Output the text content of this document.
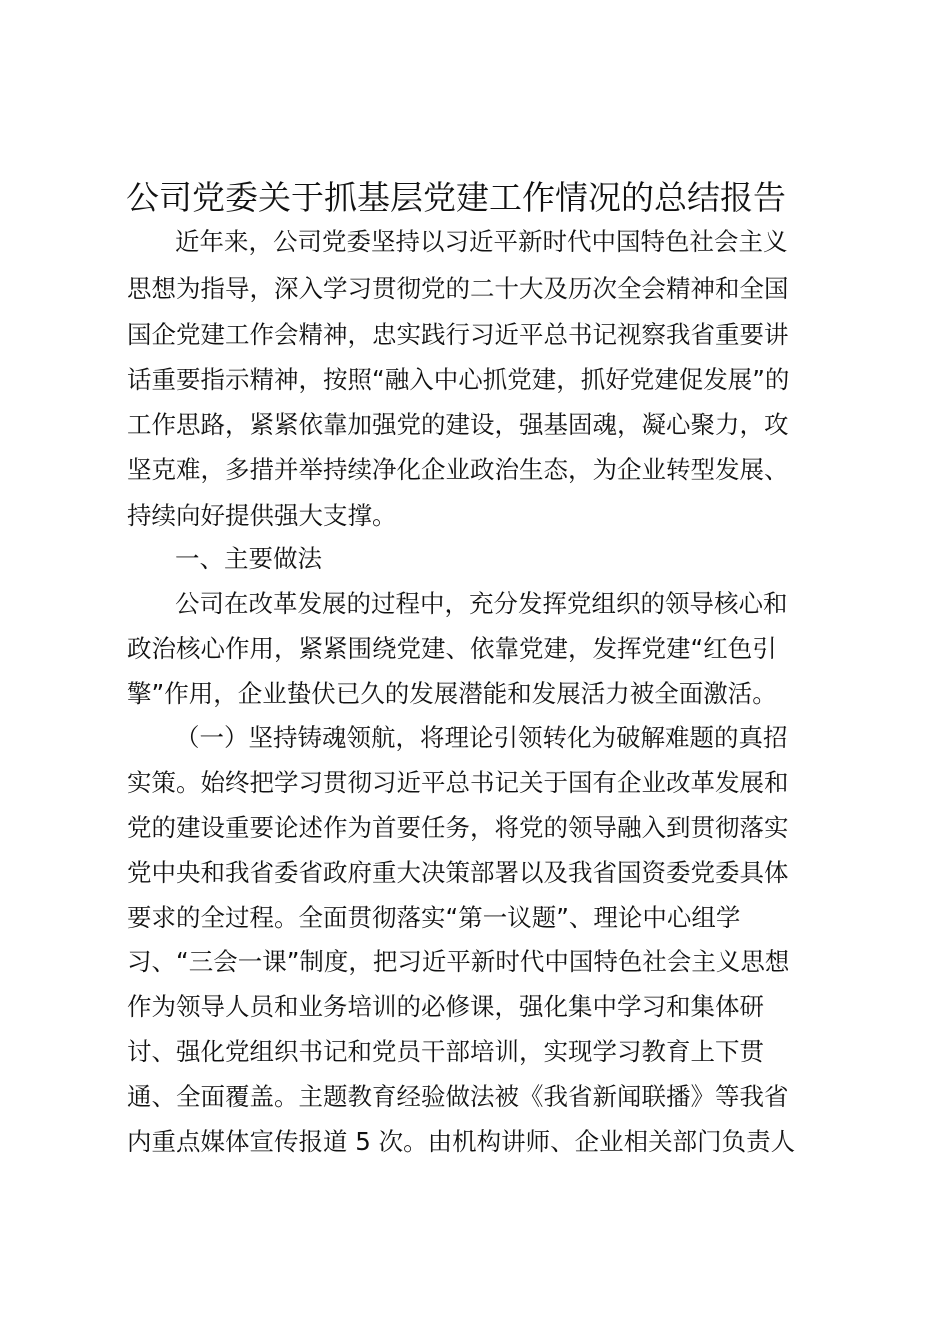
公司党委关于抓基层党建工作情况的总结报告
近年来，公司党委坚持以习近平新时代中国特色社会主义
思想为指导，深入学习贯彻党的二十大及历次全会精神和全国
国企党建工作会精神，忠实践行习近平总书记视察我省重要讲
话重要指示精神，按照“融入中心抓党建，抓好党建促发展”的
工作思路，紧紧依靠加强党的建设，强基固魂，凝心聚力，攻
坚克难，多措并举持续净化企业政治生态，为企业转型发展、
持续向好提供强大支撑。
一、主要做法
公司在改革发展的过程中，充分发挥党组织的领导核心和
政治核心作用，紧紧围绕党建、依靠党建，发挥党建“红色引
擎”作用，企业蛰伏已久的发展潜能和发展活力被全面激活。
（一）坚持铸魂领航，将理论引领转化为破解难题的真招
实策。始终把学习贯彻习近平总书记关于国有企业改革发展和
党的建设重要论述作为首要任务，将党的领导融入到贯彻落实
党中央和我省委省政府重大决策部署以及我省国资委党委具体
要求的全过程。全面贯彻落实“第一议题”、理论中心组学
习、“三会一课”制度，把习近平新时代中国特色社会主义思想
作为领导人员和业务培训的必修课，强化集中学习和集体研
讨、强化党组织书记和党员干部培训，实现学习教育上下贯
通、全面覆盖。主题教育经验做法被《我省新闻联播》等我省
内重点媒体宣传报道 5 次。由机构讲师、企业相关部门负责人
